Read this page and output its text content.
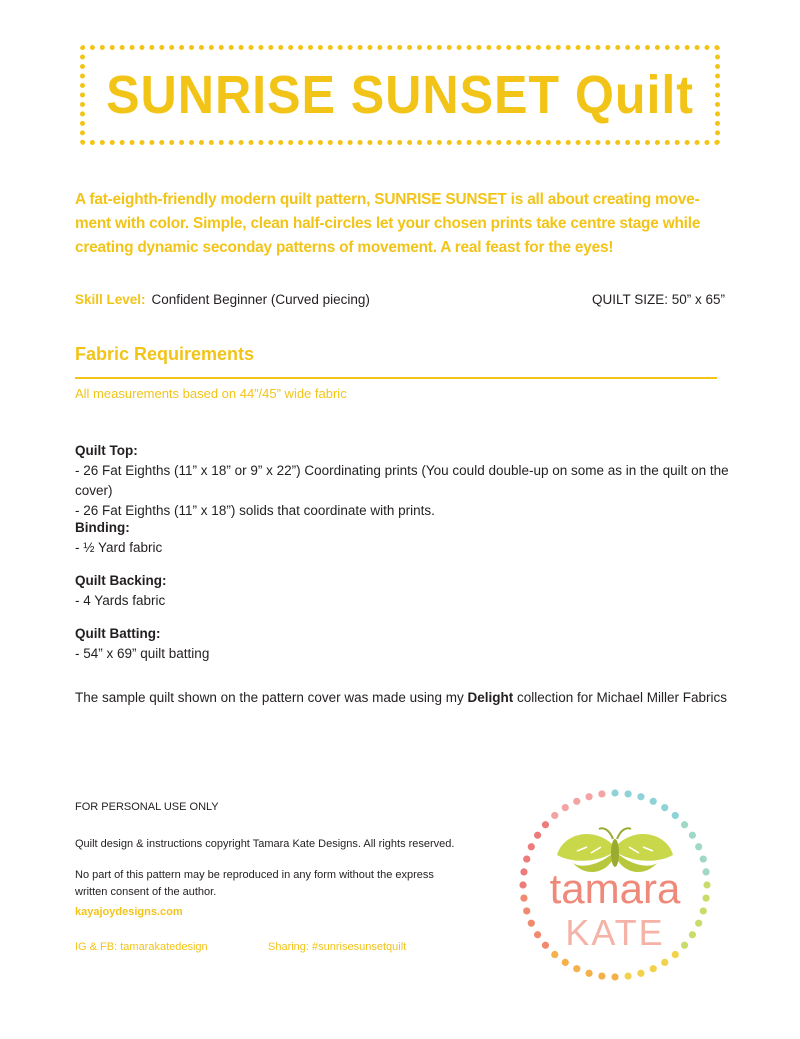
SUNRISE SUNSET Quilt
A fat-eighth-friendly modern quilt pattern, SUNRISE SUNSET is all about creating move-
ment with color. Simple, clean half-circles let your chosen prints take centre stage while
creating dynamic seconday patterns of movement. A real feast for the eyes!
Skill Level: Confident Beginner (Curved piecing)	QUILT SIZE: 50” x 65”
Fabric Requirements
All measurements based on 44”/45” wide fabric
Quilt Top:
- 26 Fat Eighths (11” x 18” or 9” x 22”) Coordinating prints (You could double-up on some as in the quilt on the cover)
- 26 Fat Eighths (11” x 18”) solids that coordinate with prints.
Binding:
- ½ Yard fabric
Quilt Backing:
- 4 Yards fabric
Quilt Batting:
- 54” x 69” quilt batting
The sample quilt shown on the pattern cover was made using my Delight collection for Michael Miller Fabrics
FOR PERSONAL USE ONLY
Quilt design & instructions copyright Tamara Kate Designs. All rights reserved.
No part of this pattern may be reproduced in any form without the express
written consent of the author.
kayajoydesigns.com
IG & FB: tamarakatedesign	Sharing: #sunrisesunsetquilt
tamara
KATE
